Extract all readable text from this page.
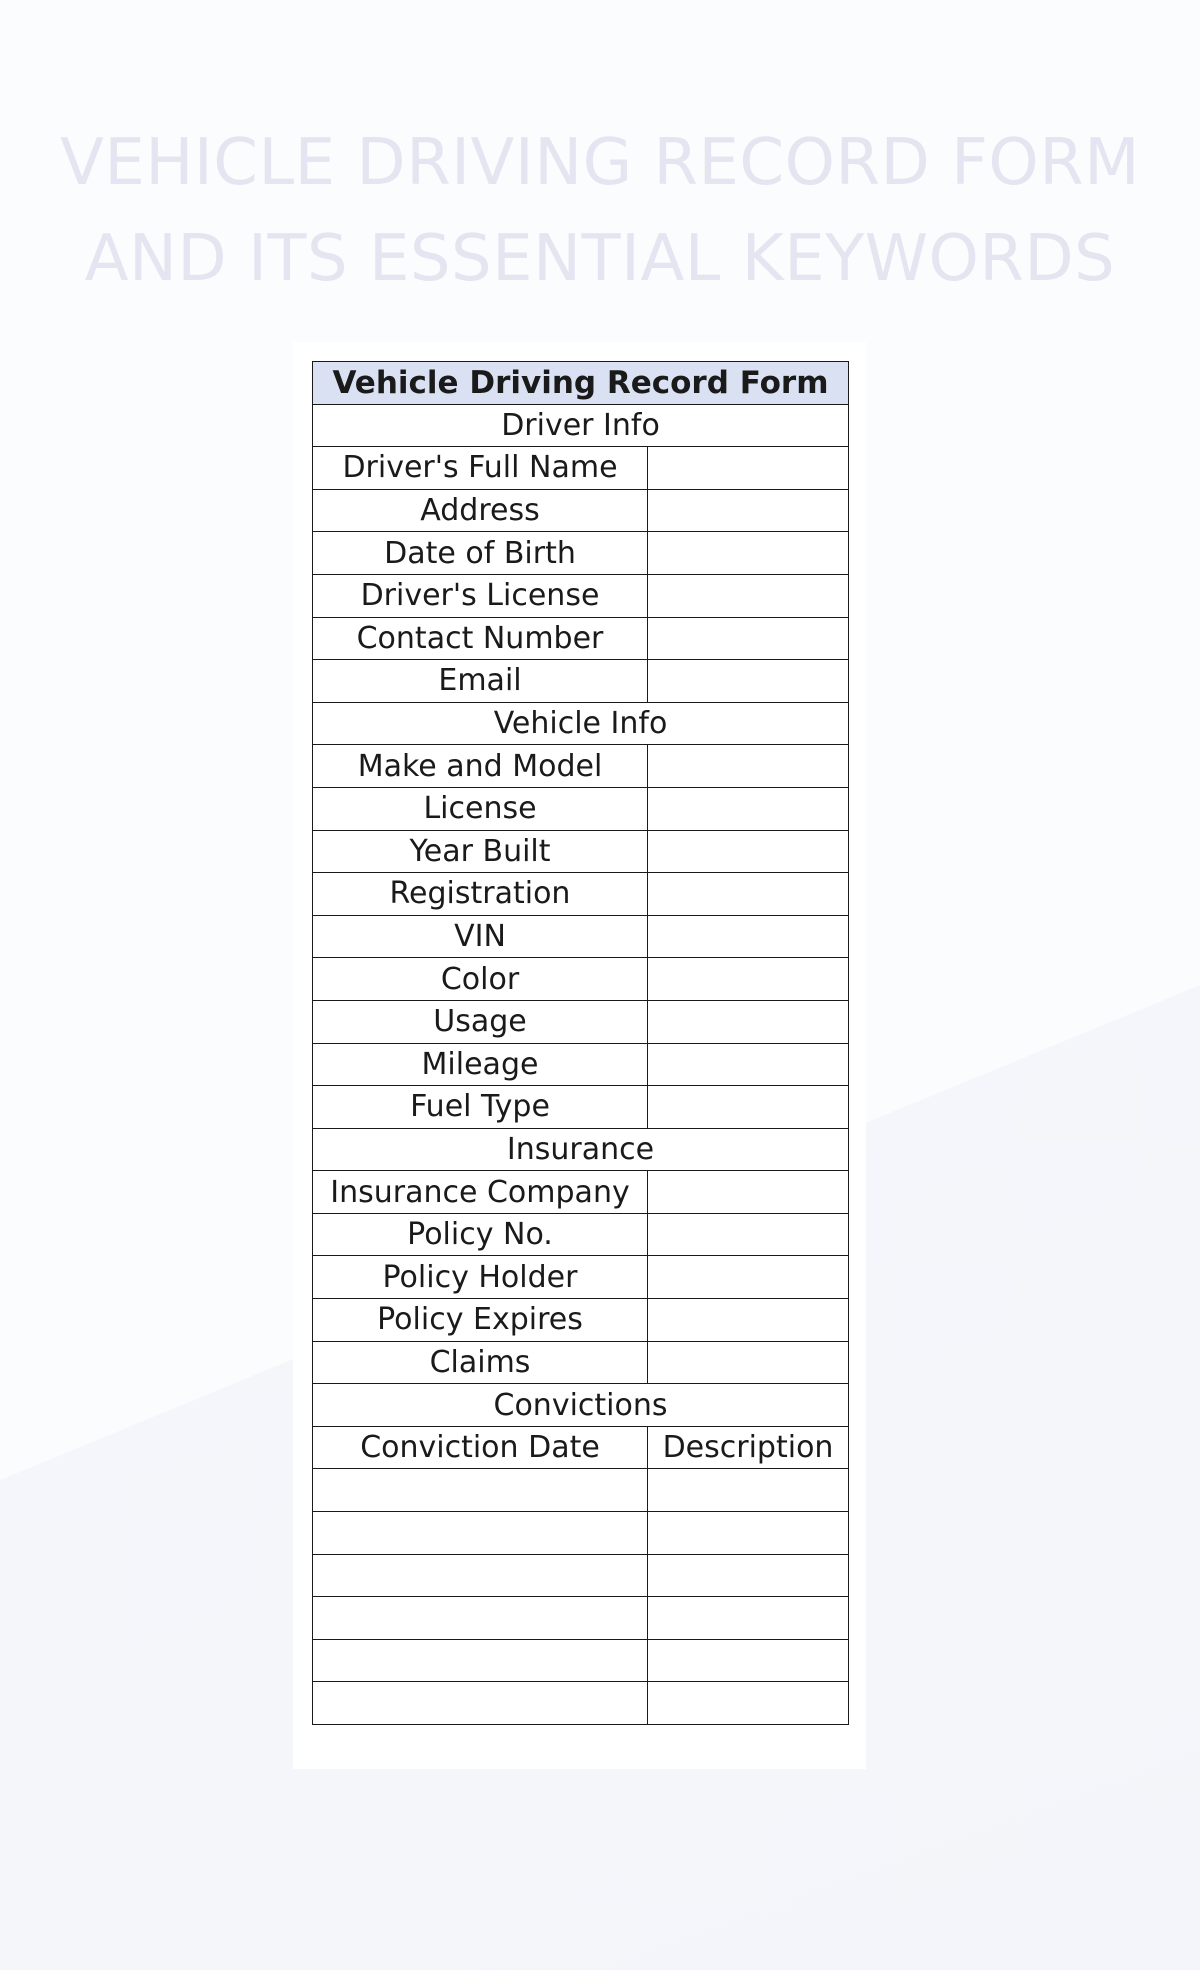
VEHICLE DRIVING RECORD FORM
AND ITS ESSENTIAL KEYWORDS
Vehicle Driving Record Form	
Driver Info	
Driver's Full Name	
Address	
Date of Birth	
Driver's License	
Contact Number	
Email	
Vehicle Info	
Make and Model	
License	
Year Built	
Registration	
VIN	
Color	
Usage	
Mileage	
Fuel Type	
Insurance	
Insurance Company	
Policy No.	
Policy Holder	
Policy Expires	
Claims	
Convictions	
Conviction Date	Description
